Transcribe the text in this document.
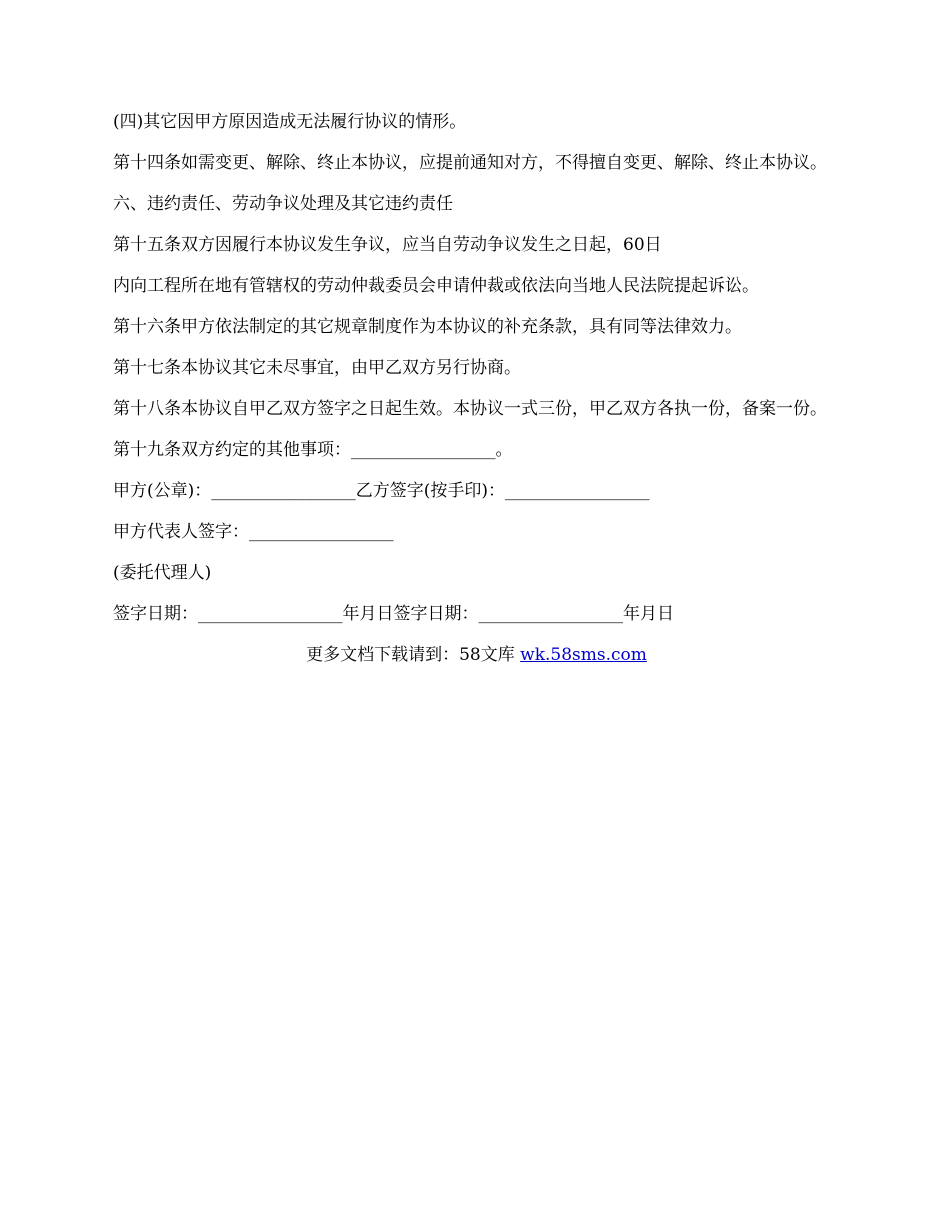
(四)其它因甲方原因造成无法履行协议的情形。

第十四条如需变更、解除、终止本协议，应提前通知对方，不得擅自变更、解除、终止本协议。

六、违约责任、劳动争议处理及其它违约责任

第十五条双方因履行本协议发生争议，应当自劳动争议发生之日起，60日

内向工程所在地有管辖权的劳动仲裁委员会申请仲裁或依法向当地人民法院提起诉讼。

第十六条甲方依法制定的其它规章制度作为本协议的补充条款，具有同等法律效力。

第十七条本协议其它未尽事宜，由甲乙双方另行协商。

第十八条本协议自甲乙双方签字之日起生效。本协议一式三份，甲乙双方各执一份，备案一份。

第十九条双方约定的其他事项：_________________。

甲方(公章)：_________________乙方签字(按手印)：_________________

甲方代表人签字：_________________

(委托代理人)

签字日期：_________________年月日签字日期：_________________年月日

更多文档下载请到：58文库 wk.58sms.com
